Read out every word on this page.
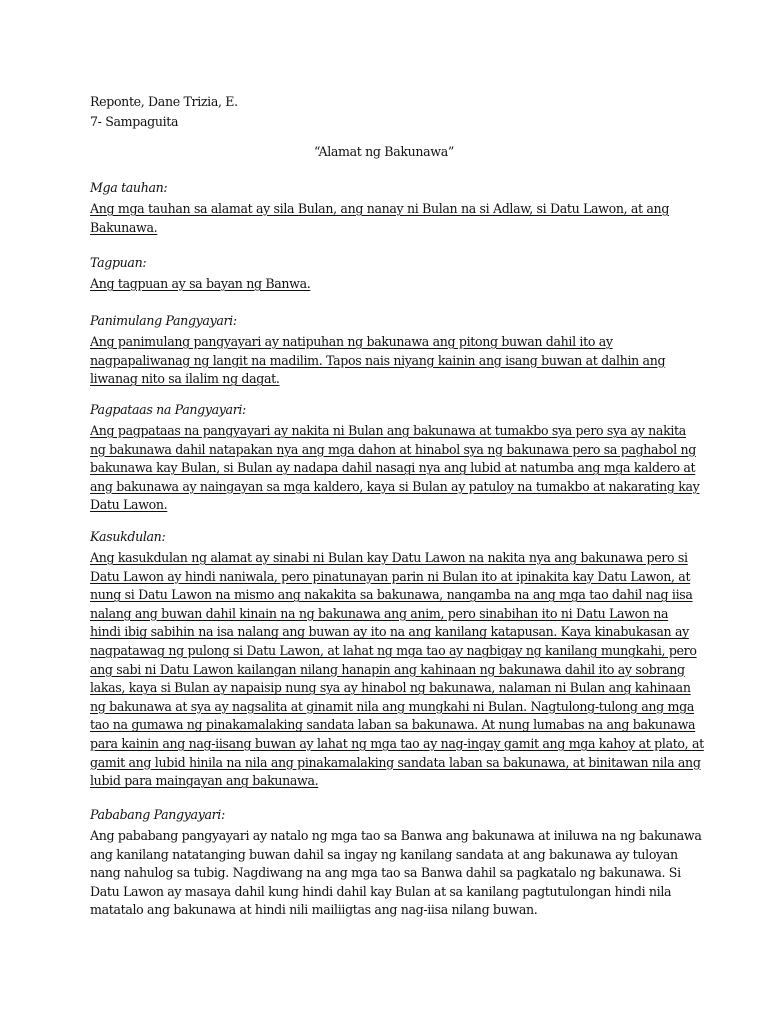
Reponte, Dane Trizia, E.
7- Sampaguita
“Alamat ng Bakunawa”
Mga tauhan:
Ang mga tauhan sa alamat ay sila Bulan, ang nanay ni Bulan na si Adlaw, si Datu Lawon, at ang
Bakunawa.
Tagpuan:
Ang tagpuan ay sa bayan ng Banwa.
Panimulang Pangyayari:
Ang panimulang pangyayari ay natipuhan ng bakunawa ang pitong buwan dahil ito ay
nagpapaliwanag ng langit na madilim. Tapos nais niyang kainin ang isang buwan at dalhin ang
liwanag nito sa ilalim ng dagat.
Pagpataas na Pangyayari:
Ang pagpataas na pangyayari ay nakita ni Bulan ang bakunawa at tumakbo sya pero sya ay nakita
ng bakunawa dahil natapakan nya ang mga dahon at hinabol sya ng bakunawa pero sa paghabol ng
bakunawa kay Bulan, si Bulan ay nadapa dahil nasagi nya ang lubid at natumba ang mga kaldero at
ang bakunawa ay naingayan sa mga kaldero, kaya si Bulan ay patuloy na tumakbo at nakarating kay
Datu Lawon.
Kasukdulan:
Ang kasukdulan ng alamat ay sinabi ni Bulan kay Datu Lawon na nakita nya ang bakunawa pero si
Datu Lawon ay hindi naniwala, pero pinatunayan parin ni Bulan ito at ipinakita kay Datu Lawon, at
nung si Datu Lawon na mismo ang nakakita sa bakunawa, nangamba na ang mga tao dahil nag iisa
nalang ang buwan dahil kinain na ng bakunawa ang anim, pero sinabihan ito ni Datu Lawon na
hindi ibig sabihin na isa nalang ang buwan ay ito na ang kanilang katapusan. Kaya kinabukasan ay
nagpatawag ng pulong si Datu Lawon, at lahat ng mga tao ay nagbigay ng kanilang mungkahi, pero
ang sabi ni Datu Lawon kailangan nilang hanapin ang kahinaan ng bakunawa dahil ito ay sobrang
lakas, kaya si Bulan ay napaisip nung sya ay hinabol ng bakunawa, nalaman ni Bulan ang kahinaan
ng bakunawa at sya ay nagsalita at ginamit nila ang mungkahi ni Bulan. Nagtulong-tulong ang mga
tao na gumawa ng pinakamalaking sandata laban sa bakunawa. At nung lumabas na ang bakunawa
para kainin ang nag-iisang buwan ay lahat ng mga tao ay nag-ingay gamit ang mga kahoy at plato, at
gamit ang lubid hinila na nila ang pinakamalaking sandata laban sa bakunawa, at binitawan nila ang
lubid para maingayan ang bakunawa.
Pababang Pangyayari:
Ang pababang pangyayari ay natalo ng mga tao sa Banwa ang bakunawa at iniluwa na ng bakunawa
ang kanilang natatanging buwan dahil sa ingay ng kanilang sandata at ang bakunawa ay tuloyan
nang nahulog sa tubig. Nagdiwang na ang mga tao sa Banwa dahil sa pagkatalo ng bakunawa. Si
Datu Lawon ay masaya dahil kung hindi dahil kay Bulan at sa kanilang pagtutulongan hindi nila
matatalo ang bakunawa at hindi nili mailiigtas ang nag-iisa nilang buwan.
